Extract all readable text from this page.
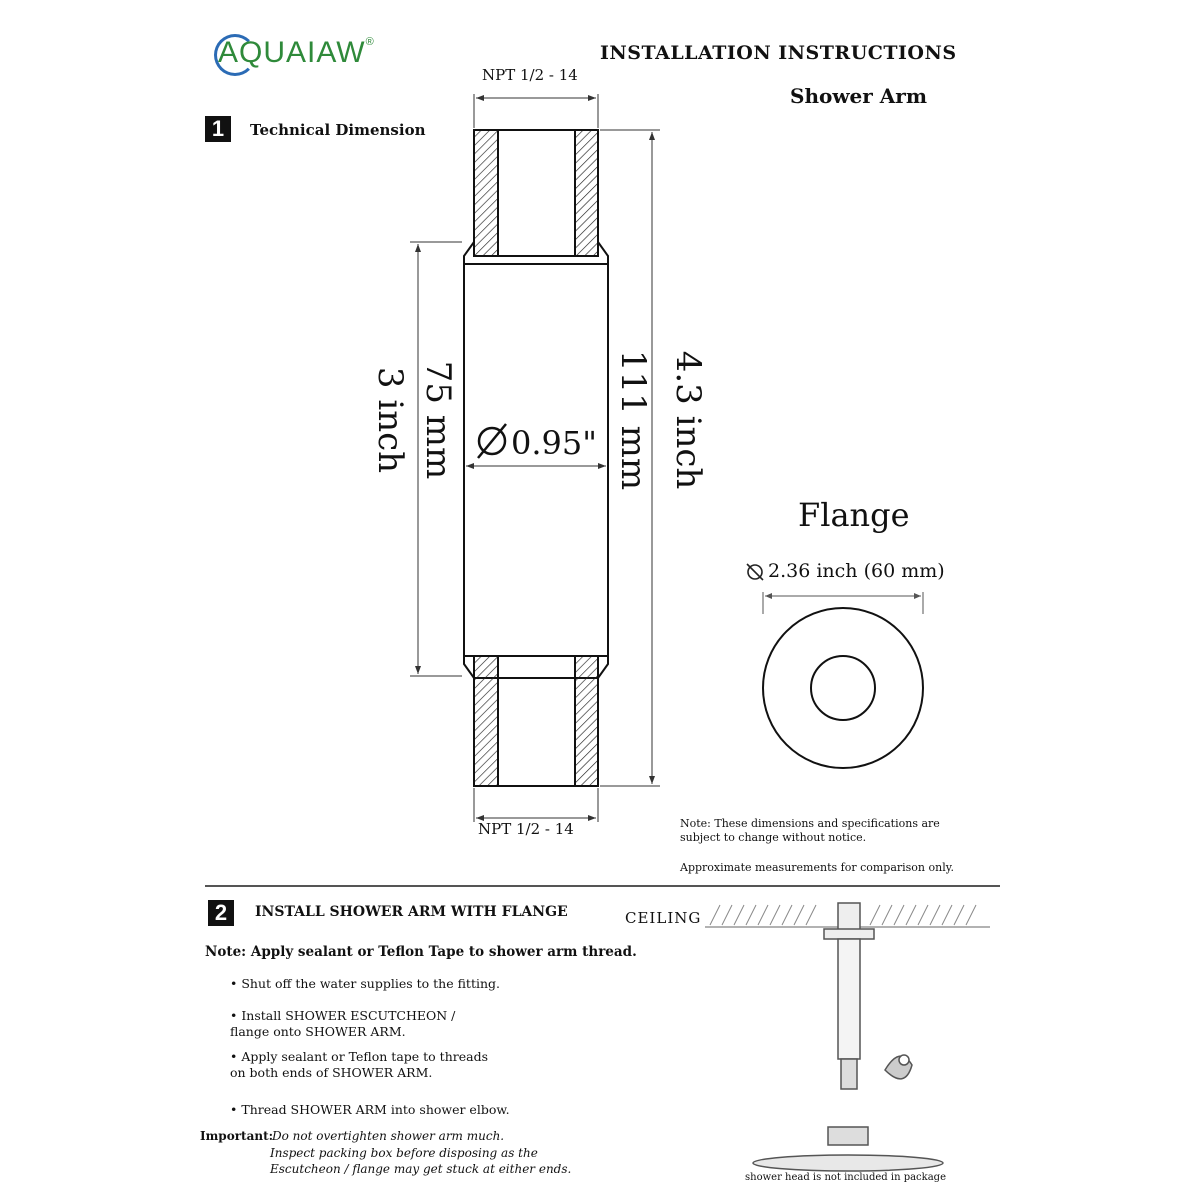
AQUAIAW®	INSTALLATION INSTRUCTIONS
Shower Arm
1	Technical Dimension
NPT 1/2 - 14
NPT 1/2 - 14
0.95"
75 mm
3 inch	111 mm 4.3 inch
Flange
2.36 inch (60 mm)
Note: These dimensions and specifications are subject to change without notice.
Approximate measurements for comparison only.
2	INSTALL SHOWER ARM WITH FLANGE
Note: Apply sealant or Teflon Tape to shower arm thread.
• Shut off the water supplies to the fitting.
• Install SHOWER ESCUTCHEON / flange onto SHOWER ARM.
• Apply sealant or Teflon tape to threads on both ends of SHOWER ARM.
• Thread SHOWER ARM into shower elbow.
Important:
Do not overtighten shower arm much.
Inspect packing box before disposing as the Escutcheon / flange may get stuck at either ends.
CEILING
shower head is not included in package
